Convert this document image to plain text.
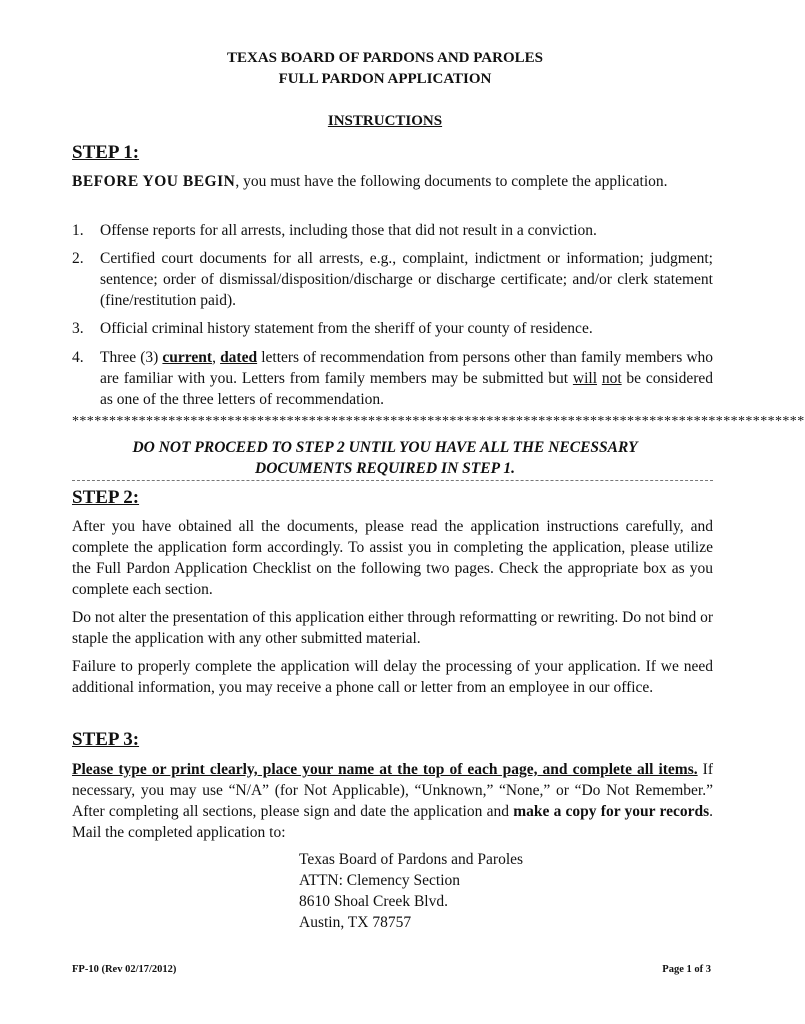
TEXAS BOARD OF PARDONS AND PAROLES
FULL PARDON APPLICATION
INSTRUCTIONS
STEP 1:
BEFORE YOU BEGIN, you must have the following documents to complete the application.
1. Offense reports for all arrests, including those that did not result in a conviction.
2. Certified court documents for all arrests, e.g., complaint, indictment or information; judgment; sentence; order of dismissal/disposition/discharge or discharge certificate; and/or clerk statement (fine/restitution paid).
3. Official criminal history statement from the sheriff of your county of residence.
4. Three (3) current, dated letters of recommendation from persons other than family members who are familiar with you. Letters from family members may be submitted but will not be considered as one of the three letters of recommendation.
***************************************************************************************************
DO NOT PROCEED TO STEP 2 UNTIL YOU HAVE ALL THE NECESSARY
DOCUMENTS REQUIRED IN STEP 1.
STEP 2:
After you have obtained all the documents, please read the application instructions carefully, and complete the application form accordingly. To assist you in completing the application, please utilize the Full Pardon Application Checklist on the following two pages. Check the appropriate box as you complete each section.
Do not alter the presentation of this application either through reformatting or rewriting. Do not bind or staple the application with any other submitted material.
Failure to properly complete the application will delay the processing of your application. If we need additional information, you may receive a phone call or letter from an employee in our office.
STEP 3:
Please type or print clearly, place your name at the top of each page, and complete all items. If necessary, you may use “N/A” (for Not Applicable), “Unknown,” “None,” or “Do Not Remember.” After completing all sections, please sign and date the application and make a copy for your records. Mail the completed application to:
Texas Board of Pardons and Paroles
ATTN: Clemency Section
8610 Shoal Creek Blvd.
Austin, TX 78757
FP-10 (Rev 02/17/2012)	Page 1 of 3
